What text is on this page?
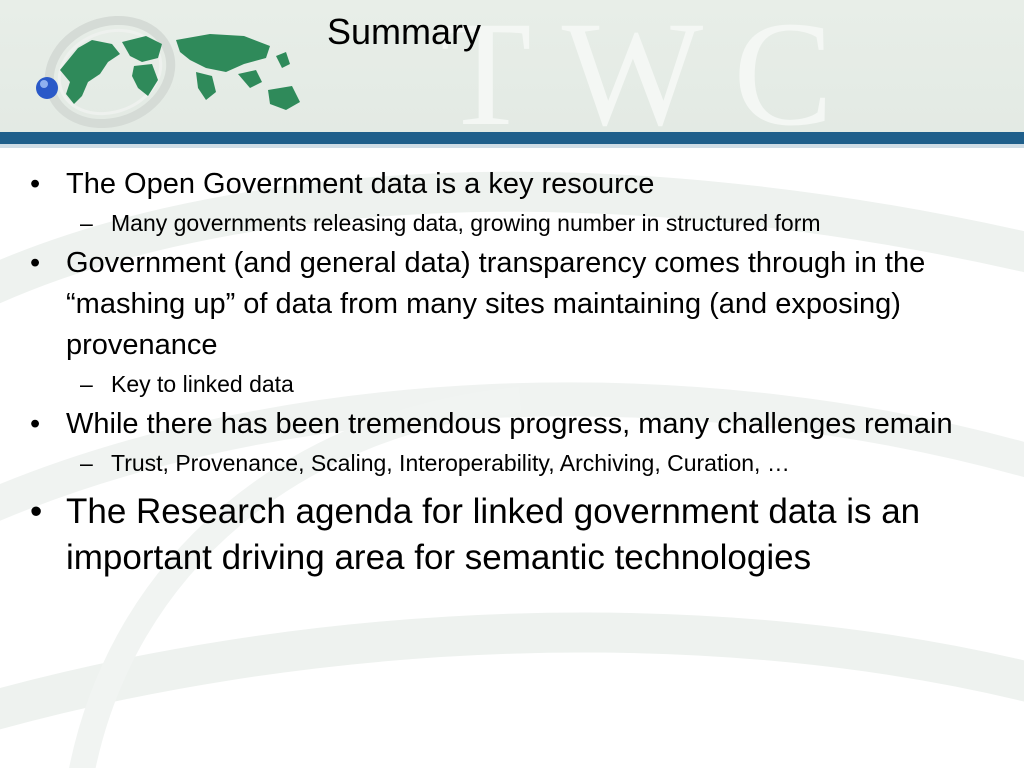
TWC
Summary
• The Open Government data is a key resource
– Many governments releasing data, growing number in structured form
• Government (and general data) transparency comes through in the “mashing up” of data from many sites maintaining (and exposing) provenance
– Key to linked data
• While there has been tremendous progress, many challenges remain
– Trust, Provenance, Scaling, Interoperability, Archiving, Curation, …
• The Research agenda for linked government data is an important driving area for semantic technologies
